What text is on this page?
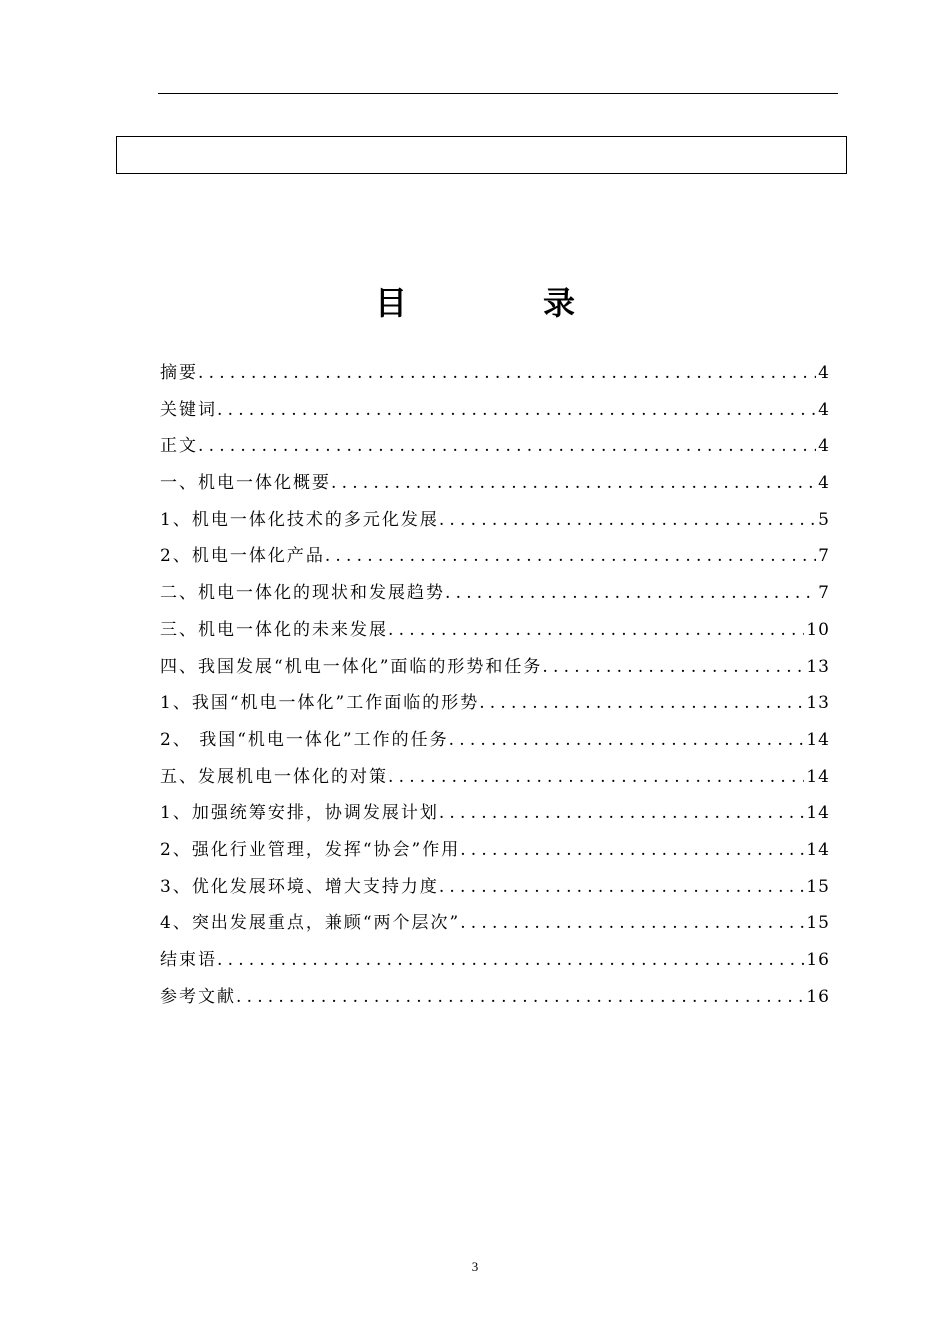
目　录
摘要 .....	4
关键词 .....	4
正文 .....	4
一、机电一体化概要 .....	4
1、机电一体化技术的多元化发展 .....	5
2、机电一体化产品 .....	7
二、机电一体化的现状和发展趋势 .....	7
三、机电一体化的未来发展 .....	10
四、我国发展“机电一体化”面临的形势和任务 .....	13
1、我国“机电一体化”工作面临的形势 .....	13
2、 我国“机电一体化”工作的任务 .....	14
五、发展机电一体化的对策 .....	14
1、加强统筹安排，协调发展计划 .....	14
2、强化行业管理，发挥“协会”作用 .....	14
3、优化发展环境、增大支持力度 .....	15
4、突出发展重点，兼顾“两个层次” .....	15
结束语 .....	16
参考文献 .....	16
3
